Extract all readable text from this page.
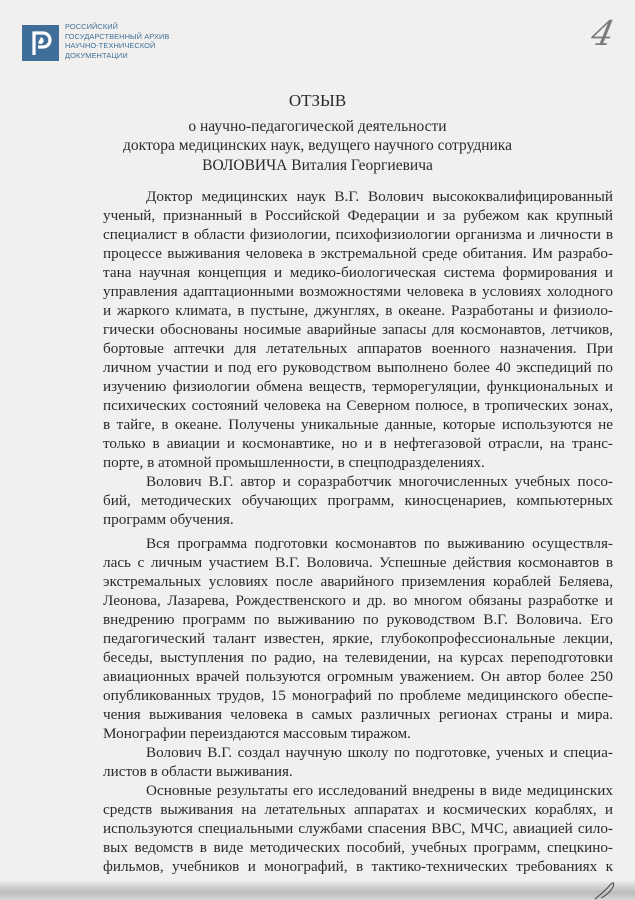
РОССИЙСКИЙ
ГОСУДАРСТВЕННЫЙ АРХИВ
НАУЧНО-ТЕХНИЧЕСКОЙ
ДОКУМЕНТАЦИИ
4
ОТЗЫВ
о научно-педагогической деятельности
доктора медицинских наук, ведущего научного сотрудника
ВОЛОВИЧА Виталия Георгиевича
Доктор медицинских наук В.Г. Волович высококвалифицированный
ученый, признанный в Российской Федерации и за рубежом как крупный
специалист в области физиологии, психофизиологии организма и личности в
процессе выживания человека в экстремальной среде обитания. Им разрабо-
тана научная концепция и медико-биологическая система формирования и
управления адаптационными возможностями человека в условиях холодного
и жаркого климата, в пустыне, джунглях, в океане. Разработаны и физиоло-
гически обоснованы носимые аварийные запасы для космонавтов, летчиков,
бортовые аптечки для летательных аппаратов военного назначения. При
личном участии и под его руководством выполнено более 40 экспедиций по
изучению физиологии обмена веществ, терморегуляции, функциональных и
психических состояний человека на Северном полюсе, в тропических зонах,
в тайге, в океане. Получены уникальные данные, которые используются не
только в авиации и космонавтике, но и в нефтегазовой отрасли, на транс-
порте, в атомной промышленности, в спецподразделениях.
Волович В.Г. автор и соразработчик многочисленных учебных посо-
бий, методических обучающих программ, киносценариев, компьютерных
программ обучения.
Вся программа подготовки космонавтов по выживанию осуществля-
лась с личным участием В.Г. Воловича. Успешные действия космонавтов в
экстремальных условиях после аварийного приземления кораблей Беляева,
Леонова, Лазарева, Рождественского и др. во многом обязаны разработке и
внедрению программ по выживанию по руководством В.Г. Воловича. Его
педагогический талант известен, яркие, глубокопрофессиональные лекции,
беседы, выступления по радио, на телевидении, на курсах переподготовки
авиационных врачей пользуются огромным уважением. Он автор более 250
опубликованных трудов, 15 монографий по проблеме медицинского обеспе-
чения выживания человека в самых различных регионах страны и мира.
Монографии переиздаются массовым тиражом.
Волович В.Г. создал научную школу по подготовке, ученых и специа-
листов в области выживания.
Основные результаты его исследований внедрены в виде медицинских
средств выживания на летательных аппаратах и космических кораблях, и
используются специальными службами спасения ВВС, МЧС, авиацией сило-
вых ведомств в виде методических пособий, учебных программ, спецкино-
фильмов, учебников и монографий, в тактико-технических требованиях к
